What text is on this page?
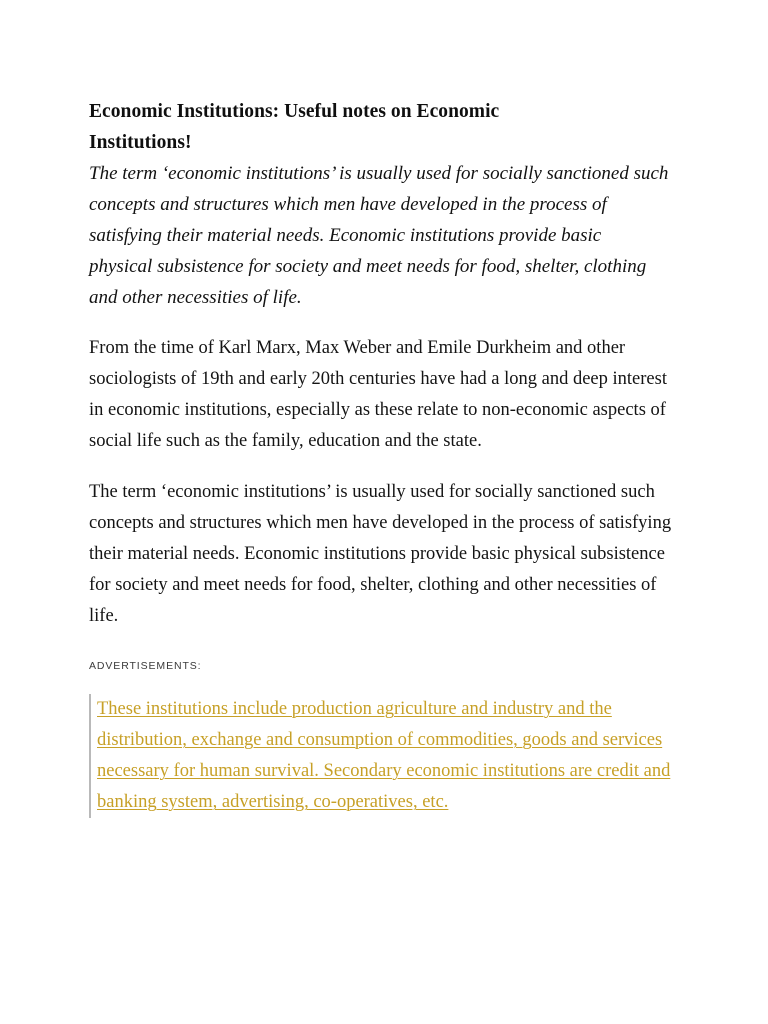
Economic Institutions: Useful notes on Economic Institutions!

The term ‘economic institutions’ is usually used for socially sanctioned such concepts and structures which men have developed in the process of satisfying their material needs. Economic institutions provide basic physical subsistence for society and meet needs for food, shelter, clothing and other necessities of life.

From the time of Karl Marx, Max Weber and Emile Durkheim and other sociologists of 19th and early 20th centuries have had a long and deep interest in economic institutions, especially as these relate to non-economic aspects of social life such as the family, education and the state.

The term ‘economic institutions’ is usually used for socially sanctioned such concepts and structures which men have developed in the process of satisfying their material needs. Economic institutions provide basic physical subsistence for society and meet needs for food, shelter, clothing and other necessities of life.

ADVERTISEMENTS:

These institutions include production agriculture and industry and the distribution, exchange and consumption of commodities, goods and services necessary for human survival. Secondary economic institutions are credit and banking system, advertising, co-operatives, etc.
